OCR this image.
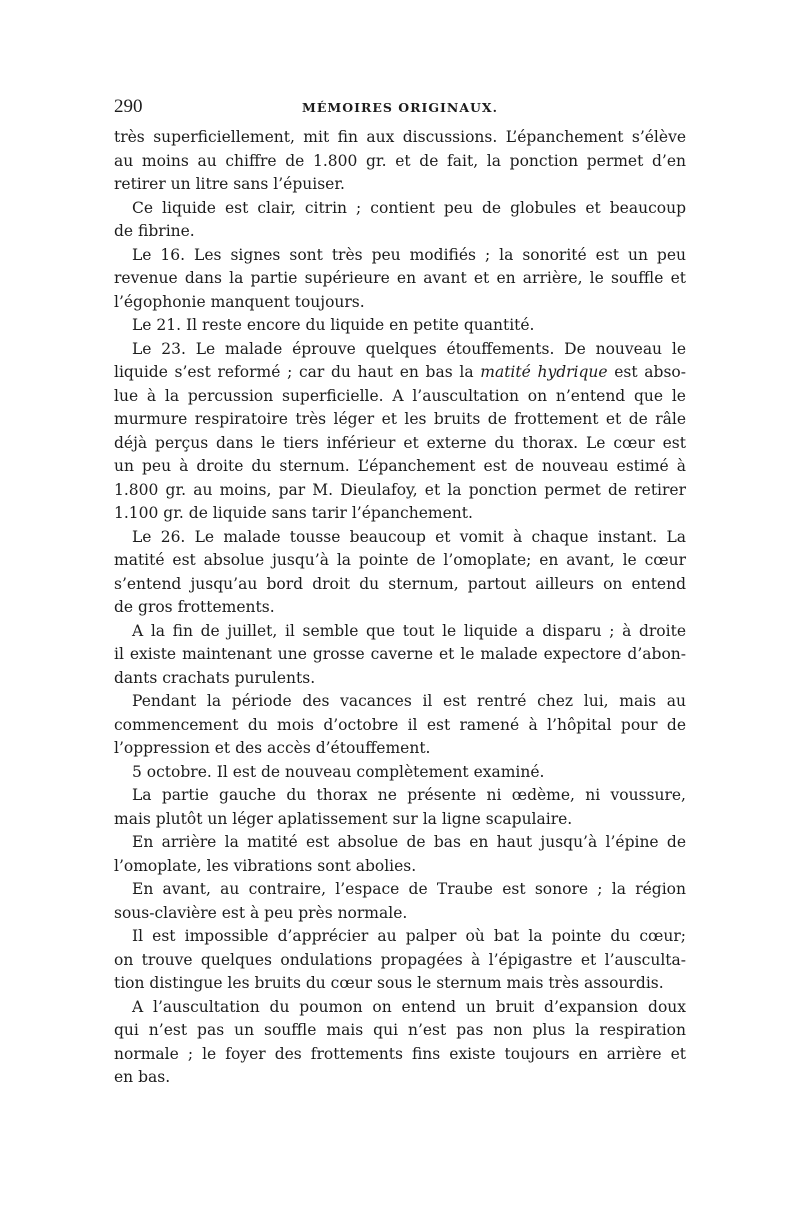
290	MÉMOIRES ORIGINAUX.
très superficiellement, mit fin aux discussions. L’épanchement s’élève
au moins au chiffre de 1.800 gr. et de fait, la ponction permet d’en
retirer un litre sans l’épuiser.
Ce liquide est clair, citrin ; contient peu de globules et beaucoup
de fibrine.
Le 16. Les signes sont très peu modifiés ; la sonorité est un peu
revenue dans la partie supérieure en avant et en arrière, le souffle et
l’égophonie manquent toujours.
Le 21. Il reste encore du liquide en petite quantité.
Le 23. Le malade éprouve quelques étouffements. De nouveau le
liquide s’est reformé ; car du haut en bas la matité hydrique est abso-
lue à la percussion superficielle. A l’auscultation on n’entend que le
murmure respiratoire très léger et les bruits de frottement et de râle
déjà perçus dans le tiers inférieur et externe du thorax. Le cœur est
un peu à droite du sternum. L’épanchement est de nouveau estimé à
1.800 gr. au moins, par M. Dieulafoy, et la ponction permet de retirer
1.100 gr. de liquide sans tarir l’épanchement.
Le 26. Le malade tousse beaucoup et vomit à chaque instant. La
matité est absolue jusqu’à la pointe de l’omoplate; en avant, le cœur
s’entend jusqu’au bord droit du sternum, partout ailleurs on entend
de gros frottements.
A la fin de juillet, il semble que tout le liquide a disparu ; à droite
il existe maintenant une grosse caverne et le malade expectore d’abon-
dants crachats purulents.
Pendant la période des vacances il est rentré chez lui, mais au
commencement du mois d’octobre il est ramené à l’hôpital pour de
l’oppression et des accès d’étouffement.
5 octobre. Il est de nouveau complètement examiné.
La partie gauche du thorax ne présente ni œdème, ni voussure,
mais plutôt un léger aplatissement sur la ligne scapulaire.
En arrière la matité est absolue de bas en haut jusqu’à l’épine de
l’omoplate, les vibrations sont abolies.
En avant, au contraire, l’espace de Traube est sonore ; la région
sous-clavière est à peu près normale.
Il est impossible d’apprécier au palper où bat la pointe du cœur;
on trouve quelques ondulations propagées à l’épigastre et l’ausculta-
tion distingue les bruits du cœur sous le sternum mais très assourdis.
A l’auscultation du poumon on entend un bruit d’expansion doux
qui n’est pas un souffle mais qui n’est pas non plus la respiration
normale ; le foyer des frottements fins existe toujours en arrière et
en bas.
